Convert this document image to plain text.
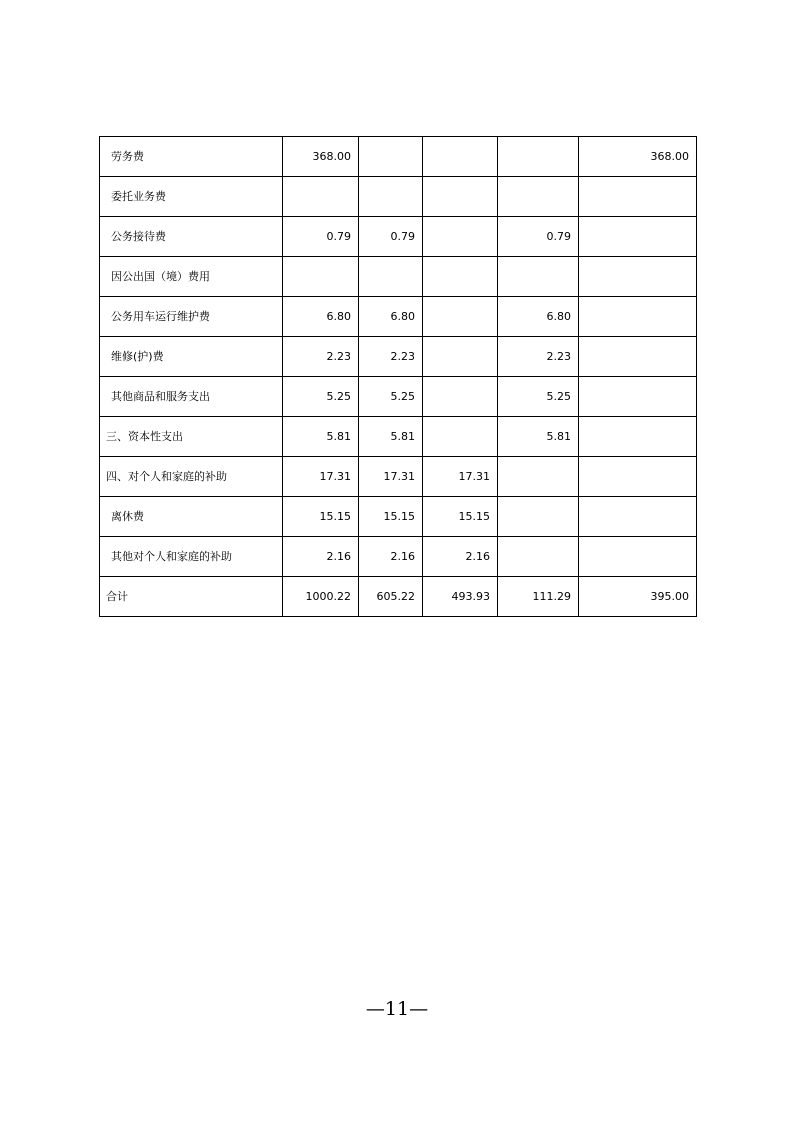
劳务费	368.00				368.00
委托业务费					
公务接待费	0.79	0.79		0.79	
因公出国（境）费用					
公务用车运行维护费	6.80	6.80		6.80	
维修(护)费	2.23	2.23		2.23	
其他商品和服务支出	5.25	5.25		5.25	
三、资本性支出	5.81	5.81		5.81	
四、对个人和家庭的补助	17.31	17.31	17.31		
离休费	15.15	15.15	15.15		
其他对个人和家庭的补助	2.16	2.16	2.16		
合计	1000.22	605.22	493.93	111.29	395.00
—11—
